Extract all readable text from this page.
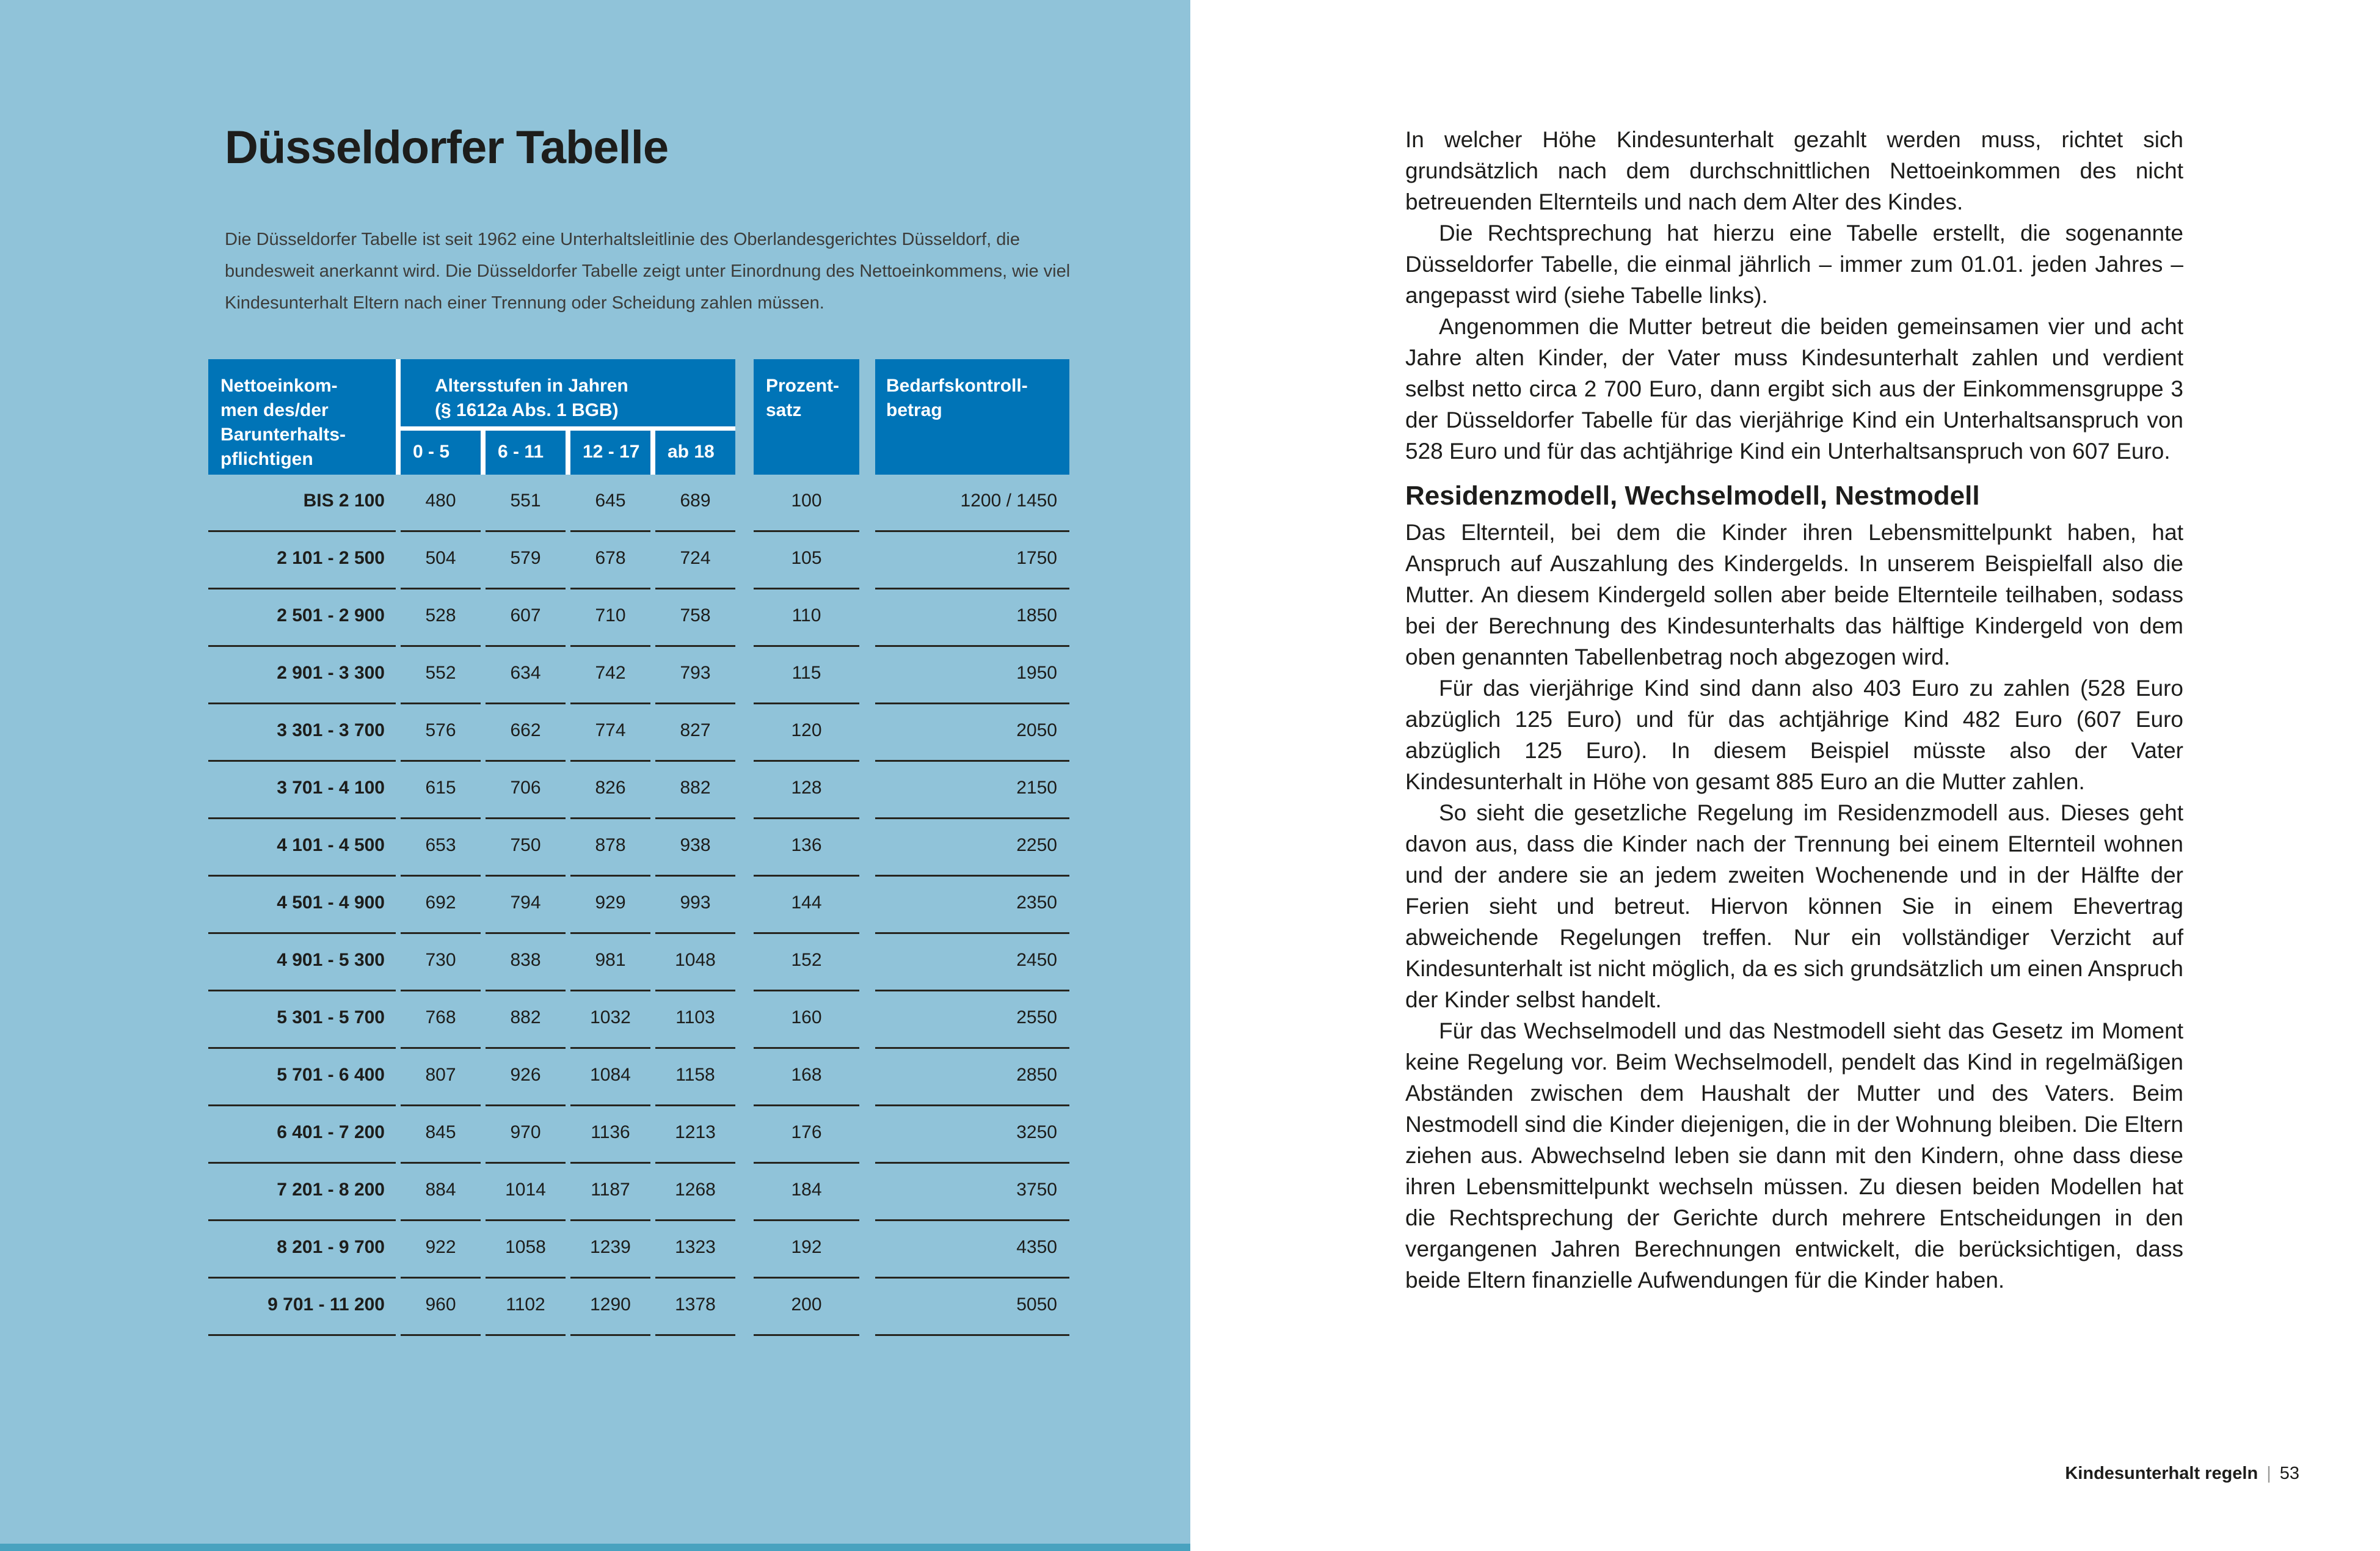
Düsseldorfer Tabelle

Die Düsseldorfer Tabelle ist seit 1962 eine Unterhaltsleitlinie des Oberlandesgerichtes Düsseldorf, die bundesweit anerkannt wird. Die Düsseldorfer Tabelle zeigt unter Einordnung des Nettoeinkommens, wie viel Kindesunterhalt Eltern nach einer Trennung oder Scheidung zahlen müssen.

Nettoeinkom-
men des/der
Barunterhalts-
pflichtigen
Altersstufen in Jahren
(§ 1612a Abs. 1 BGB)
0 - 5	6 - 11	12 - 17	ab 18
Prozent-
satz
Bedarfskontroll-
betrag
BIS 2 100	480	551	645	689	100	1200 / 1450
2 101 - 2 500	504	579	678	724	105	1750
2 501 - 2 900	528	607	710	758	110	1850
2 901 - 3 300	552	634	742	793	115	1950
3 301 - 3 700	576	662	774	827	120	2050
3 701 - 4 100	615	706	826	882	128	2150
4 101 - 4 500	653	750	878	938	136	2250
4 501 - 4 900	692	794	929	993	144	2350
4 901 - 5 300	730	838	981	1048	152	2450
5 301 - 5 700	768	882	1032	1103	160	2550
5 701 - 6 400	807	926	1084	1158	168	2850
6 401 - 7 200	845	970	1136	1213	176	3250
7 201 - 8 200	884	1014	1187	1268	184	3750
8 201 - 9 700	922	1058	1239	1323	192	4350
9 701 - 11 200	960	1102	1290	1378	200	5050

In welcher Höhe Kindesunterhalt gezahlt werden muss, richtet sich grundsätzlich nach dem durchschnittlichen Nettoeinkommen des nicht betreuenden Elternteils und nach dem Alter des Kindes.

Die Rechtsprechung hat hierzu eine Tabelle erstellt, die sogenannte Düsseldorfer Tabelle, die einmal jährlich – immer zum 01.01. jeden Jahres – angepasst wird (siehe Tabelle links).

Angenommen die Mutter betreut die beiden gemeinsamen vier und acht Jahre alten Kinder, der Vater muss Kindesunterhalt zahlen und verdient selbst netto circa 2 700 Euro, dann ergibt sich aus der Einkommensgruppe 3 der Düsseldorfer Tabelle für das vierjährige Kind ein Unterhaltsanspruch von 528 Euro und für das achtjährige Kind ein Unterhaltsanspruch von 607 Euro.

Residenzmodell, Wechselmodell, Nestmodell

Das Elternteil, bei dem die Kinder ihren Lebensmittelpunkt haben, hat Anspruch auf Auszahlung des Kindergelds. In unserem Beispielfall also die Mutter. An diesem Kindergeld sollen aber beide Elternteile teilhaben, sodass bei der Berechnung des Kindesunterhalts das hälftige Kindergeld von dem oben genannten Tabellenbetrag noch abgezogen wird.

Für das vierjährige Kind sind dann also 403 Euro zu zahlen (528 Euro abzüglich 125 Euro) und für das achtjährige Kind 482 Euro (607 Euro abzüglich 125 Euro). In diesem Beispiel müsste also der Vater Kindesunterhalt in Höhe von gesamt 885 Euro an die Mutter zahlen.

So sieht die gesetzliche Regelung im Residenzmodell aus. Dieses geht davon aus, dass die Kinder nach der Trennung bei einem Elternteil wohnen und der andere sie an jedem zweiten Wochenende und in der Hälfte der Ferien sieht und betreut. Hiervon können Sie in einem Ehevertrag abweichende Regelungen treffen. Nur ein vollständiger Verzicht auf Kindesunterhalt ist nicht möglich, da es sich grundsätzlich um einen Anspruch der Kinder selbst handelt.

Für das Wechselmodell und das Nestmodell sieht das Gesetz im Moment keine Regelung vor. Beim Wechselmodell, pendelt das Kind in regelmäßigen Abständen zwischen dem Haushalt der Mutter und des Vaters. Beim Nestmodell sind die Kinder diejenigen, die in der Wohnung bleiben. Die Eltern ziehen aus. Abwechselnd leben sie dann mit den Kindern, ohne dass diese ihren Lebensmittelpunkt wechseln müssen. Zu diesen beiden Modellen hat die Rechtsprechung der Gerichte durch mehrere Entscheidungen in den vergangenen Jahren Berechnungen entwickelt, die berücksichtigen, dass beide Eltern finanzielle Aufwendungen für die Kinder haben.

Kindesunterhalt regeln | 53
